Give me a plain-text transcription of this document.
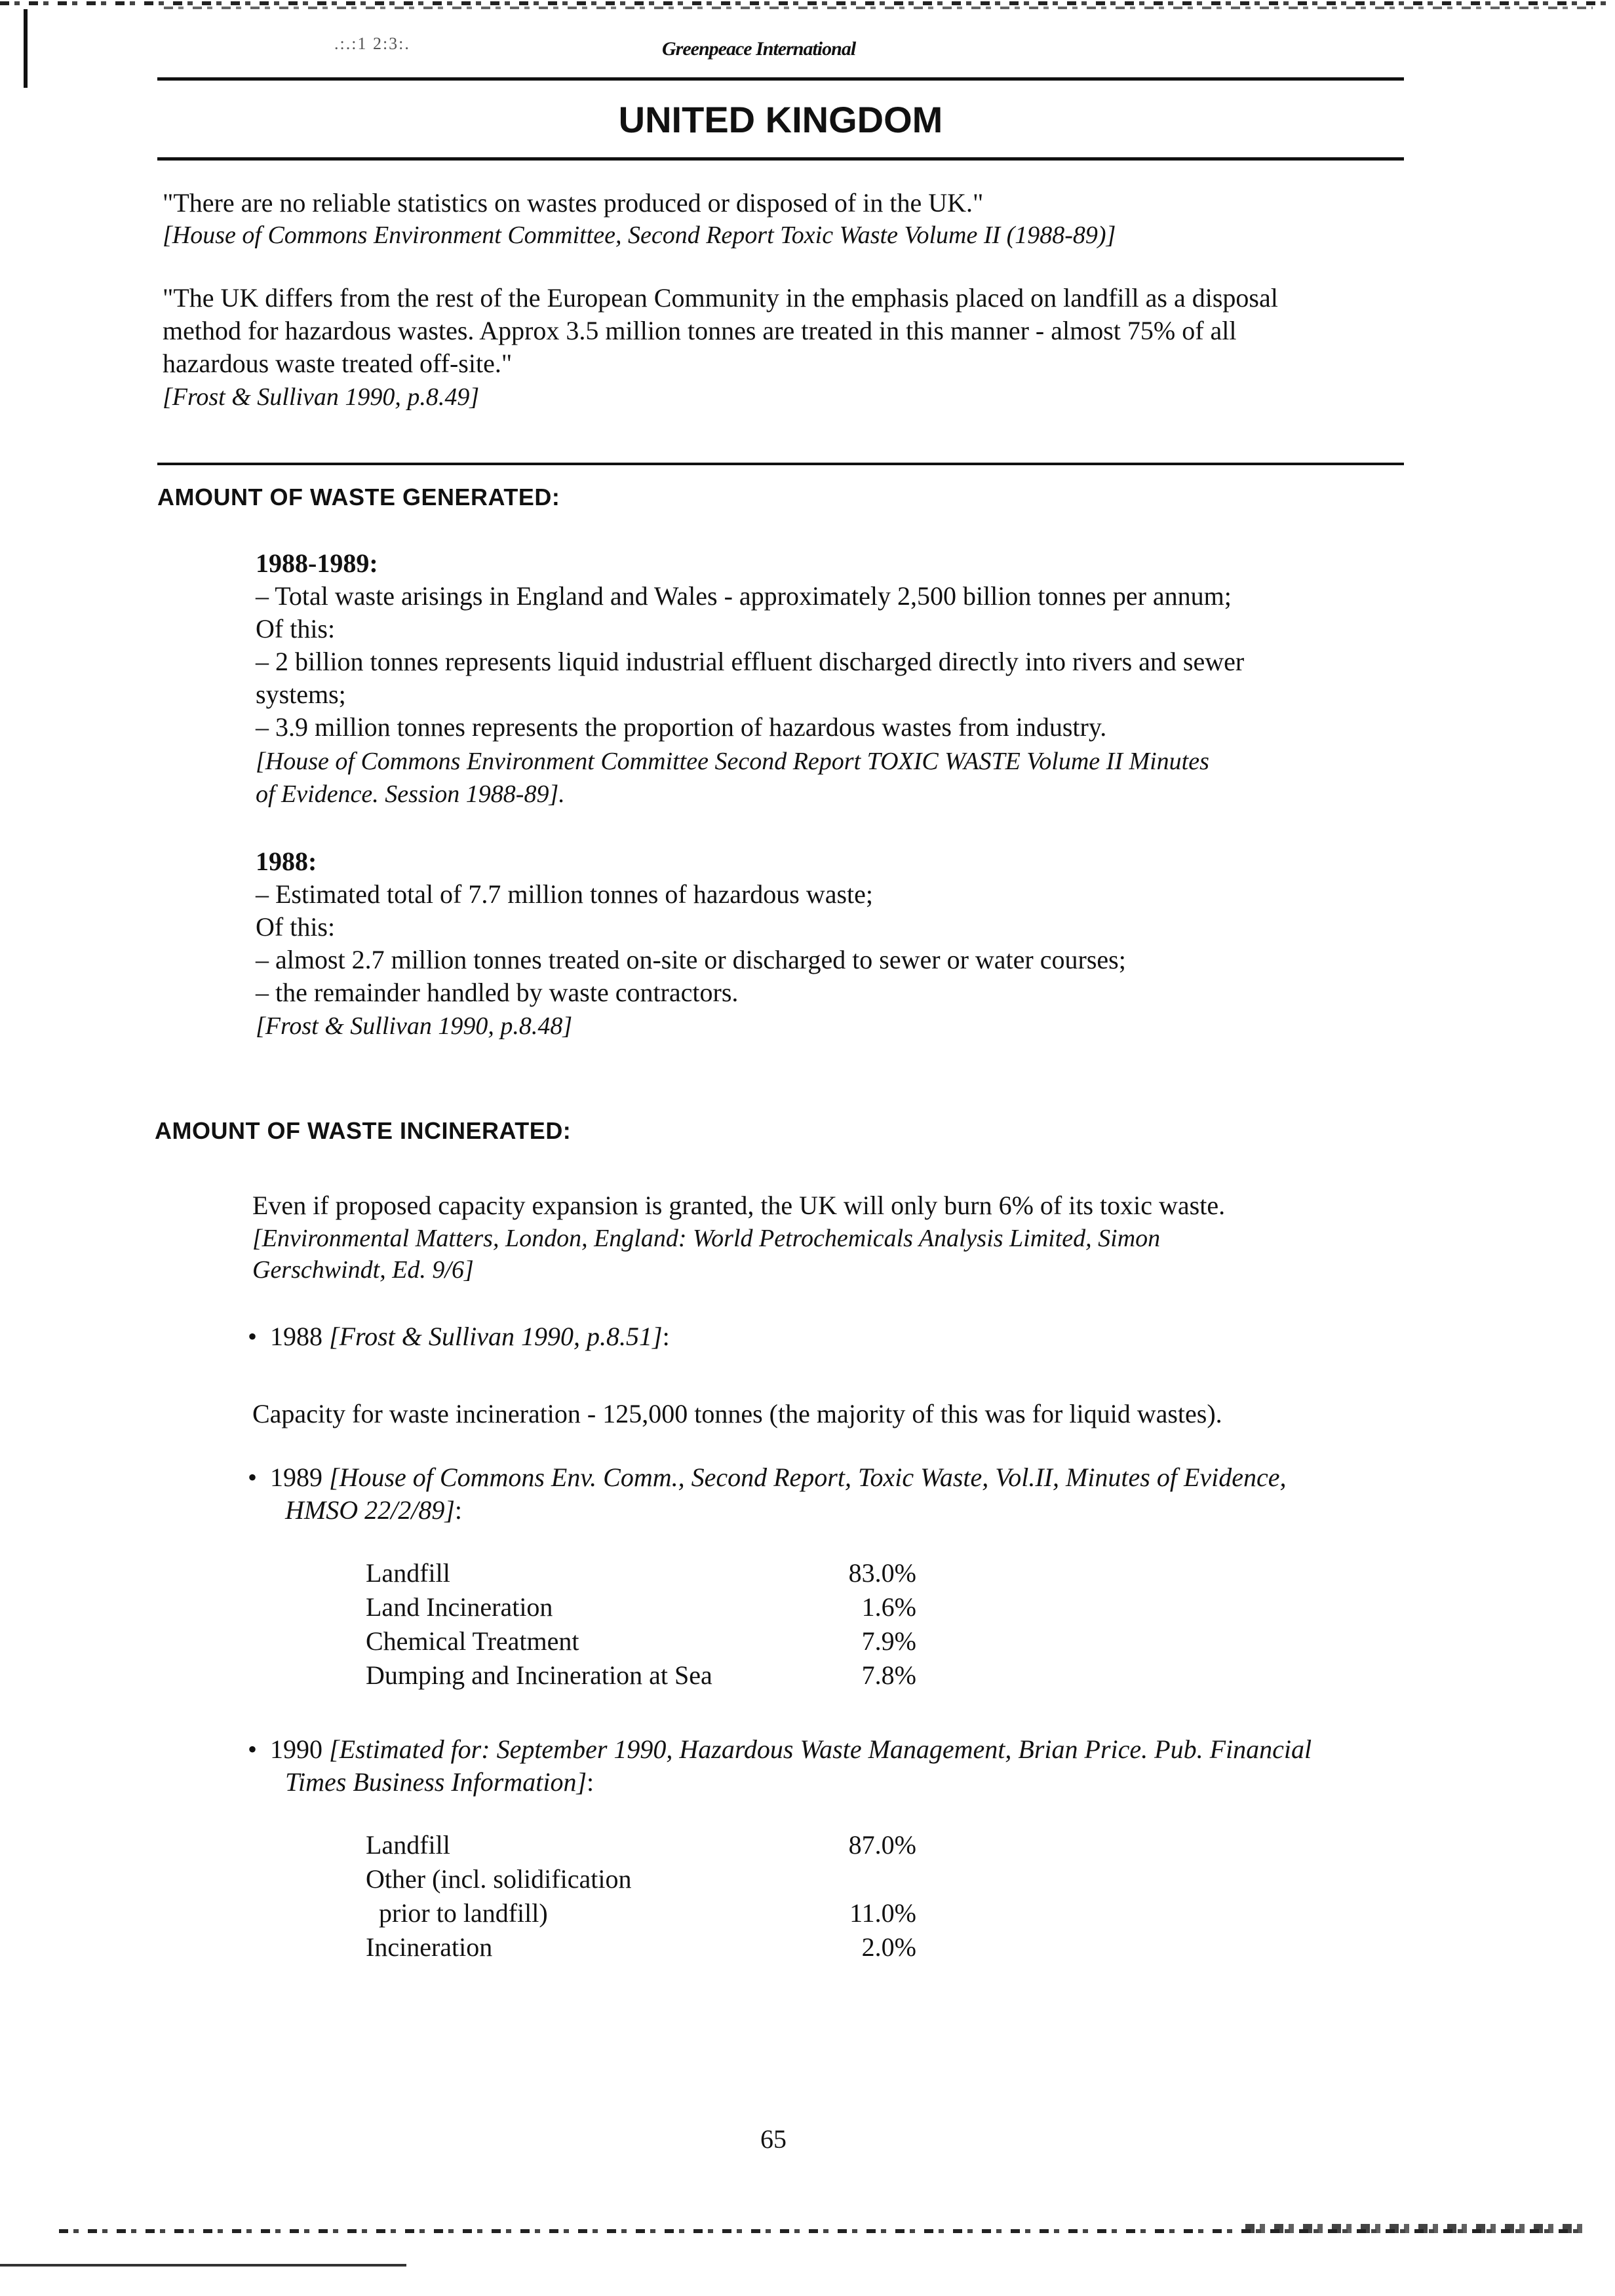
.:.:1 2:3:.	Greenpeace International
UNITED KINGDOM
"There are no reliable statistics on wastes produced or disposed of in the UK."
[House of Commons Environment Committee, Second Report Toxic Waste Volume II (1988-89)]
"The UK differs from the rest of the European Community in the emphasis placed on landfill as a disposal
method for hazardous wastes. Approx 3.5 million tonnes are treated in this manner - almost 75% of all
hazardous waste treated off-site."
[Frost & Sullivan 1990, p.8.49]
AMOUNT OF WASTE GENERATED:
1988-1989:
– Total waste arisings in England and Wales - approximately 2,500 billion tonnes per annum;
Of this:
– 2 billion tonnes represents liquid industrial effluent discharged directly into rivers and sewer
systems;
– 3.9 million tonnes represents the proportion of hazardous wastes from industry.
[House of Commons Environment Committee Second Report TOXIC WASTE Volume II Minutes
of Evidence. Session 1988-89].
1988:
– Estimated total of 7.7 million tonnes of hazardous waste;
Of this:
– almost 2.7 million tonnes treated on-site or discharged to sewer or water courses;
– the remainder handled by waste contractors.
[Frost & Sullivan 1990, p.8.48]
AMOUNT OF WASTE INCINERATED:
Even if proposed capacity expansion is granted, the UK will only burn 6% of its toxic waste.
[Environmental Matters, London, England: World Petrochemicals Analysis Limited, Simon
Gerschwindt, Ed. 9/6]
•  1988 [Frost & Sullivan 1990, p.8.51]:
Capacity for waste incineration - 125,000 tonnes (the majority of this was for liquid wastes).
•  1989 [House of Commons Env. Comm., Second Report, Toxic Waste, Vol.II, Minutes of Evidence,
HMSO 22/2/89]:
Landfill	83.0%
Land Incineration	1.6%
Chemical Treatment	7.9%
Dumping and Incineration at Sea	7.8%
•  1990 [Estimated for: September 1990, Hazardous Waste Management, Brian Price. Pub. Financial
Times Business Information]:
Landfill	87.0%
Other (incl. solidification
prior to landfill)	11.0%
Incineration	2.0%
65
